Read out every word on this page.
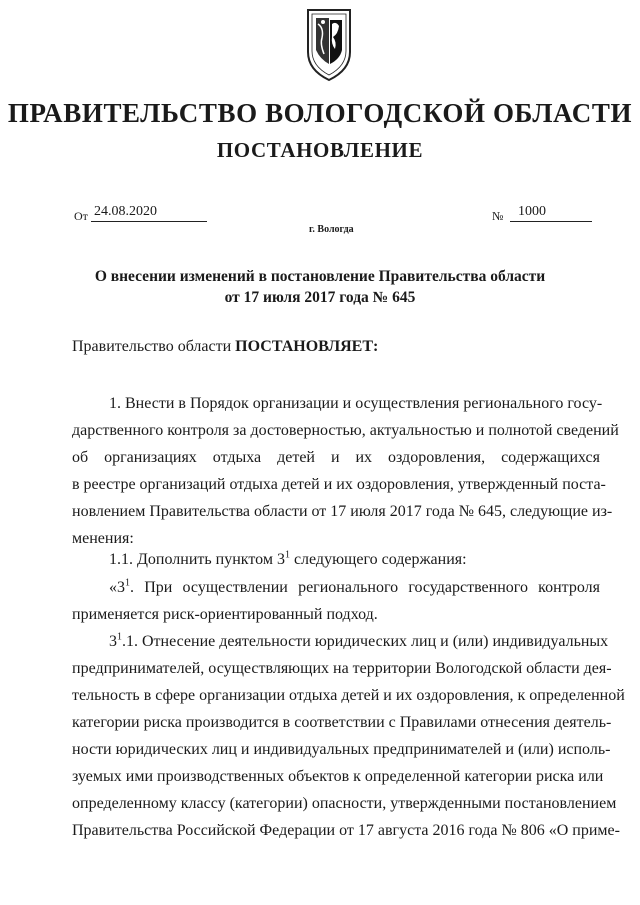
ПРАВИТЕЛЬСТВО ВОЛОГОДСКОЙ ОБЛАСТИ
ПОСТАНОВЛЕНИЕ
От 24.08.2020	№ 1000
г. Вологда
О внесении изменений в постановление Правительства области
от 17 июля 2017 года № 645
Правительство области ПОСТАНОВЛЯЕТ:
1. Внести в Порядок организации и осуществления регионального госу-
дарственного контроля за достоверностью, актуальностью и полнотой сведений
об организациях отдыха детей и их оздоровления, содержащихся
в реестре организаций отдыха детей и их оздоровления, утвержденный поста-
новлением Правительства области от 17 июля 2017 года № 645, следующие из-
менения:
1.1. Дополнить пунктом $3^1$ следующего содержания:
«$3^1$. При осуществлении регионального государственного контроля
применяется риск-ориентированный подход.
$3^1.1$. Отнесение деятельности юридических лиц и (или) индивидуальных
предпринимателей, осуществляющих на территории Вологодской области дея-
тельность в сфере организации отдыха детей и их оздоровления, к определенной
категории риска производится в соответствии с Правилами отнесения деятель-
ности юридических лиц и индивидуальных предпринимателей и (или) исполь-
зуемых ими производственных объектов к определенной категории риска или
определенному классу (категории) опасности, утвержденными постановлением
Правительства Российской Федерации от 17 августа 2016 года № 806 «О приме-
